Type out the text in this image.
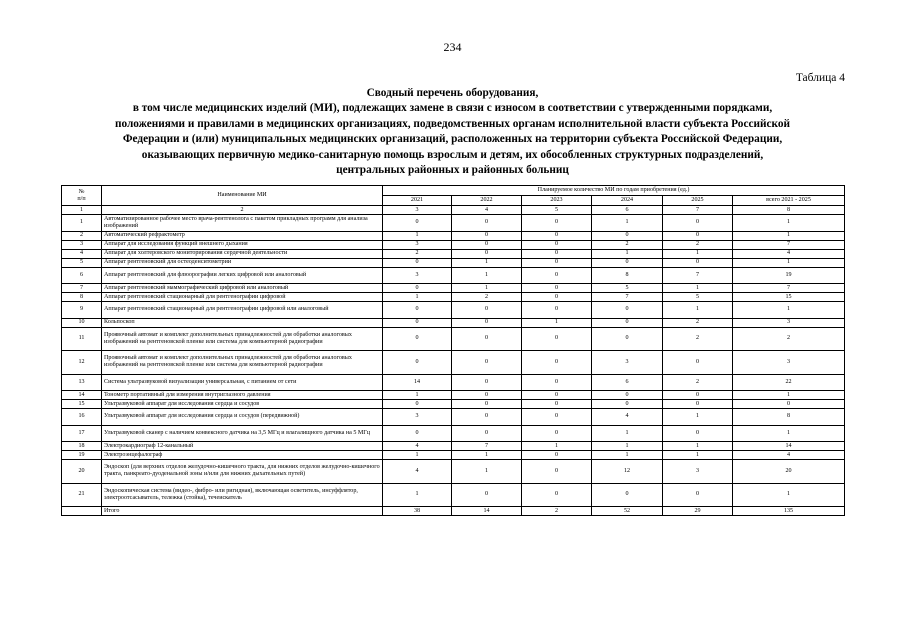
234
Таблица 4
Сводный перечень оборудования,
в том числе медицинских изделий (МИ), подлежащих замене в связи с износом в соответствии с утвержденными порядками,
положениями и правилами в медицинских организациях, подведомственных органам исполнительной власти субъекта Российской
Федерации и (или) муниципальных медицинских организаций, расположенных на территории субъекта Российской Федерации,
оказывающих первичную медико-санитарную помощь взрослым и детям, их обособленных структурных подразделений,
центральных районных и районных больниц
№
п/п	Наименование МИ	Планируемое количество МИ по годам приобретения (ед.)					
		2021	2022	2023	2024	2025	всего 2021 - 2025
1	2	3	4	5	6	7	8
1	Автоматизированное рабочее место врача-рентгенолога с пакетом прикладных программ для анализа изображений	0	0	0	1	0	1
2	Автоматический рефрактометр	1	0	0	0	0	1
3	Аппарат для исследования функций внешнего дыхания	3	0	0	2	2	7
4	Аппарат для холтеровского мониторирования сердечной деятельности	2	0	0	1	1	4
5	Аппарат рентгеновский для остеоденситометрии	0	1	0	0	0	1
6	Аппарат рентгеновский для флюорографии легких цифровой или аналоговый	3	1	0	8	7	19
7	Аппарат рентгеновский маммографический цифровой или аналоговый	0	1	0	5	1	7
8	Аппарат рентгеновский стационарный для рентгенографии цифровой	1	2	0	7	5	15
9	Аппарат рентгеновский стационарный для рентгенографии цифровой или аналоговый	0	0	0	0	1	1
10	Кольпоскоп	0	0	1	0	2	3
11	Проявочный автомат и комплект дополнительных принадлежностей для обработки аналоговых изображений на рентгеновской пленке или система для компьютерной радиографии	0	0	0	0	2	2
12	Проявочный автомат и комплект дополнительных принадлежностей для обработки аналоговых изображений на рентгеновской пленке или система для компьютерной радиографии	0	0	0	3	0	3
13	Система ультразвуковой визуализации универсальная, с питанием от сети	14	0	0	6	2	22
14	Тонометр портативный для измерения внутриглазного давления	1	0	0	0	0	1
15	Ультразвуковой аппарат для исследования сердца и сосудов	0	0	0	0	0	0
16	Ультразвуковой аппарат для исследования сердца и сосудов (передвижной)	3	0	0	4	1	8
17	Ультразвуковой сканер с наличием конвексного датчика на 3,5 МГц и влагалищного датчика на 5 МГц	0	0	0	1	0	1
18	Электрокардиограф 12-канальный	4	7	1	1	1	14
19	Электроэнцефалограф	1	1	0	1	1	4
20	Эндоскоп (для верхних отделов желудочно-кишечного тракта, для нижних отделов желудочно-кишечного тракта, панкреато-дуоденальной зоны и/или для нижних дыхательных путей)	4	1	0	12	3	20
21	Эндоскопическая система (видео-, фибро- или ригидная), включающая осветитель, инсуффлятор, электроотсасыватель, тележка (стойка), течеискатель	1	0	0	0	0	1
	Итого	38	14	2	52	29	135
